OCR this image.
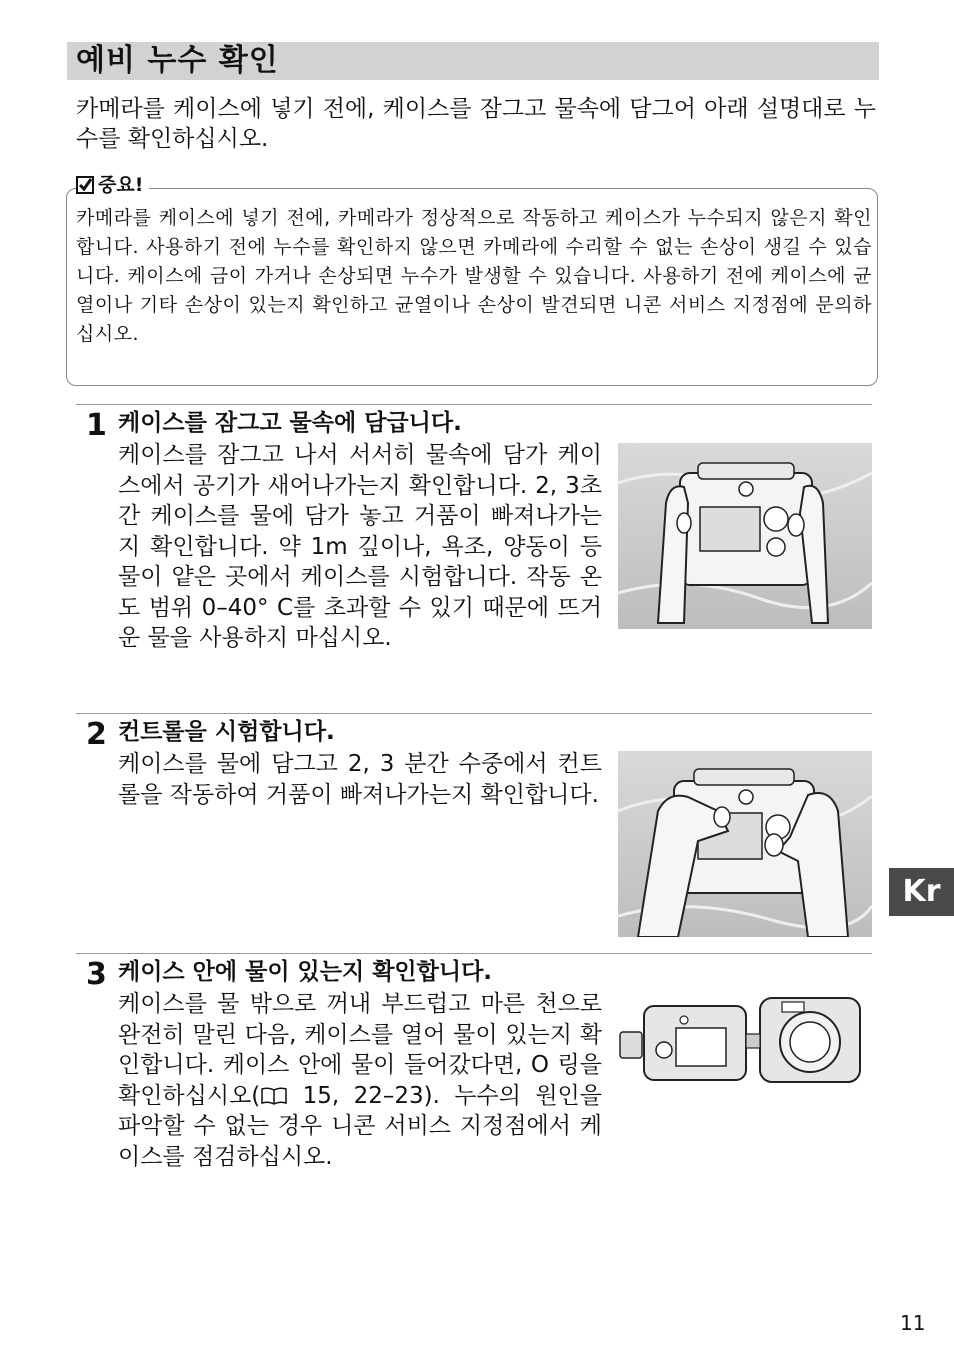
예비 누수 확인
카메라를 케이스에 넣기 전에, 케이스를 잠그고 물속에 담그어 아래 설명대로 누수를 확인하십시오.
중요!
카메라를 케이스에 넣기 전에, 카메라가 정상적으로 작동하고 케이스가 누수되지 않은지 확인합니다. 사용하기 전에 누수를 확인하지 않으면 카메라에 수리할 수 없는 손상이 생길 수 있습니다. 케이스에 금이 가거나 손상되면 누수가 발생할 수 있습니다. 사용하기 전에 케이스에 균열이나 기타 손상이 있는지 확인하고 균열이나 손상이 발견되면 니콘 서비스 지정점에 문의하십시오.
1 케이스를 잠그고 물속에 담급니다.
케이스를 잠그고 나서 서서히 물속에 담가 케이스에서 공기가 새어나가는지 확인합니다. 2, 3초간 케이스를 물에 담가 놓고 거품이 빠져나가는지 확인합니다. 약 1m 깊이나, 욕조, 양동이 등 물이 얕은 곳에서 케이스를 시험합니다. 작동 온도 범위 0–40° C를 초과할 수 있기 때문에 뜨거운 물을 사용하지 마십시오.
2 컨트롤을 시험합니다.
케이스를 물에 담그고 2, 3 분간 수중에서 컨트롤을 작동하여 거품이 빠져나가는지 확인합니다.
3 케이스 안에 물이 있는지 확인합니다.
케이스를 물 밖으로 꺼내 부드럽고 마른 천으로 완전히 말린 다음, 케이스를 열어 물이 있는지 확인합니다. 케이스 안에 물이 들어갔다면, O 링을 확인하십시오( 15, 22–23). 누수의 원인을 파악할 수 없는 경우 니콘 서비스 지정점에서 케이스를 점검하십시오.
Kr
11
